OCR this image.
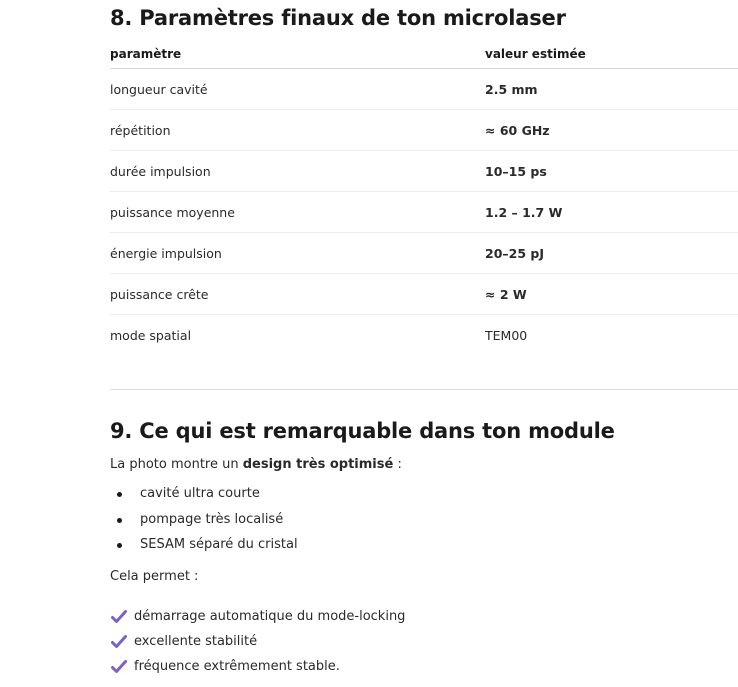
8. Paramètres finaux de ton microlaser
paramètre	valeur estimée
longueur cavité	2.5 mm
répétition	≈ 60 GHz
durée impulsion	10–15 ps
puissance moyenne	1.2 – 1.7 W
énergie impulsion	20–25 pJ
puissance crête	≈ 2 W
mode spatial	TEM00
9. Ce qui est remarquable dans ton module
La photo montre un design très optimisé :
cavité ultra courte
pompage très localisé
SESAM séparé du cristal
Cela permet :
démarrage automatique du mode-locking
excellente stabilité
fréquence extrêmement stable.
